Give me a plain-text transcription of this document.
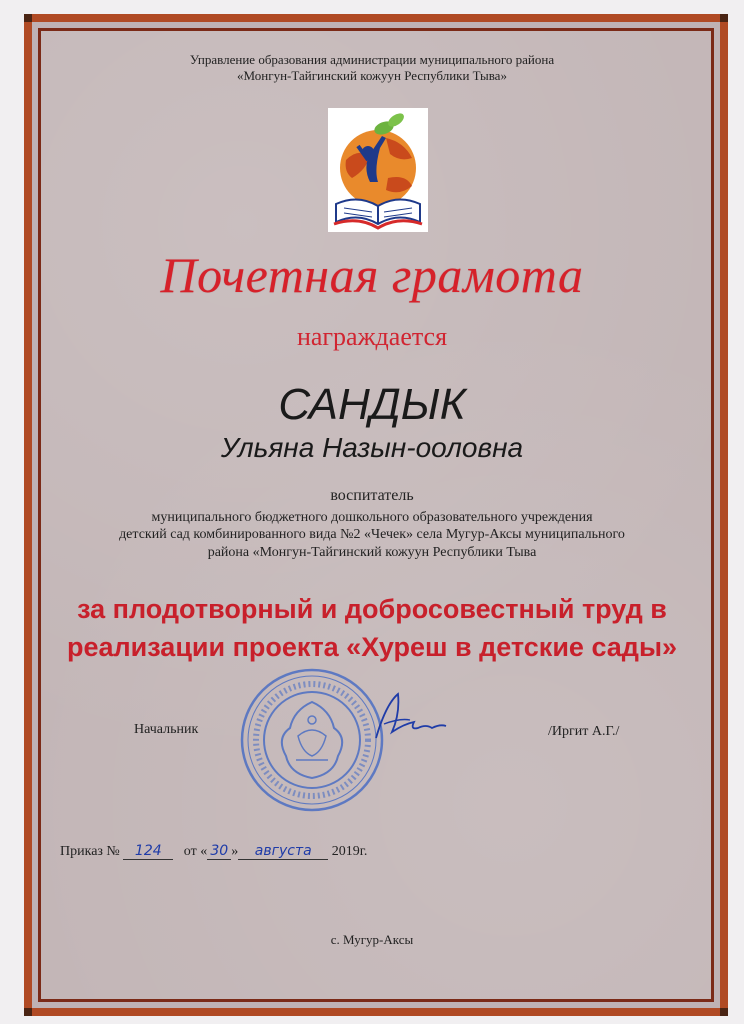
Управление образования администрации муниципального района
«Монгун-Тайгинский кожуун Республики Тыва»
Почетная грамота
награждается
САНДЫК
Ульяна Назын-ооловна
воспитатель
муниципального бюджетного дошкольного образовательного учреждения
детский сад комбинированного вида №2 «Чечек» села Мугур-Аксы муниципального
района «Монгун-Тайгинский кожуун Республики Тыва
за плодотворный и добросовестный труд в
реализации проекта «Хуреш в детские сады»
Начальник	/Иргит А.Г./
Приказ № 124 от « 30 » августа 2019г.
с. Мугур-Аксы
